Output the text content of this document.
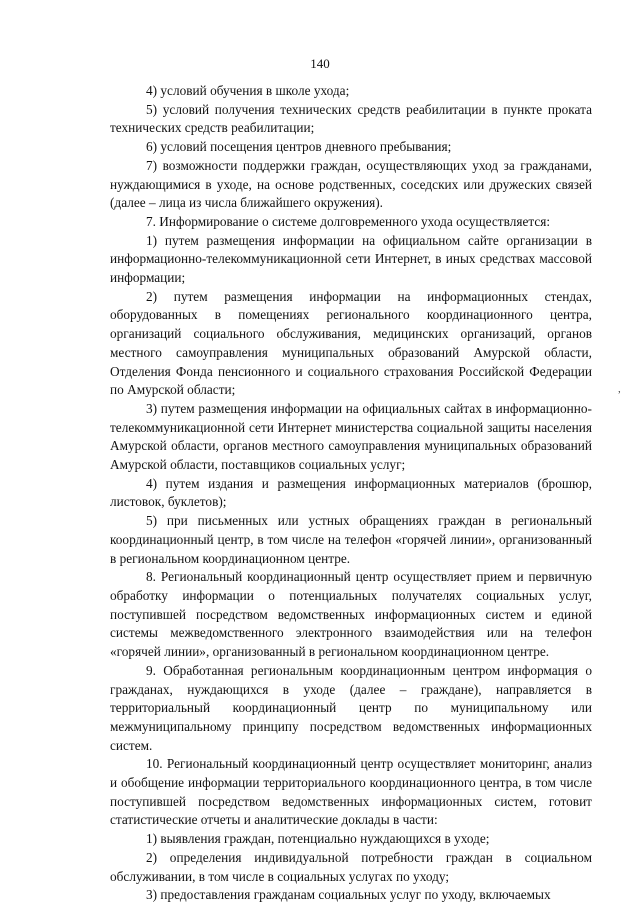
140
,

4) условий обучения в школе ухода;

5) условий получения технических средств реабилитации в пункте проката технических средств реабилитации;

6) условий посещения центров дневного пребывания;

7) возможности поддержки граждан, осуществляющих уход за гражданами, нуждающимися в уходе, на основе родственных, соседских или дружеских связей (далее – лица из числа ближайшего окружения).

7. Информирование о системе долговременного ухода осуществляется:

1) путем размещения информации на официальном сайте организации в информационно-телекоммуникационной сети Интернет, в иных средствах массовой информации;

2) путем размещения информации на информационных стендах, оборудованных в помещениях регионального координационного центра, организаций социального обслуживания, медицинских организаций, органов местного самоуправления муниципальных образований Амурской области, Отделения Фонда пенсионного и социального страхования Российской Федерации по Амурской области;

3) путем размещения информации на официальных сайтах в информационно-телекоммуникационной сети Интернет министерства социальной защиты населения Амурской области, органов местного самоуправления муниципальных образований Амурской области, поставщиков социальных услуг;

4) путем издания и размещения информационных материалов (брошюр, листовок, буклетов);

5) при письменных или устных обращениях граждан в региональный координационный центр, в том числе на телефон «горячей линии», организованный в региональном координационном центре.

8. Региональный координационный центр осуществляет прием и первичную обработку информации о потенциальных получателях социальных услуг, поступившей посредством ведомственных информационных систем и единой системы межведомственного электронного взаимодействия или на телефон «горячей линии», организованный в региональном координационном центре.

9. Обработанная региональным координационным центром информация о гражданах, нуждающихся в уходе (далее – граждане), направляется в территориальный координационный центр по муниципальному или межмуниципальному принципу посредством ведомственных информационных систем.

10. Региональный координационный центр осуществляет мониторинг, анализ и обобщение информации территориального координационного центра, в том числе поступившей посредством ведомственных информационных систем, готовит статистические отчеты и аналитические доклады в части:

1) выявления граждан, потенциально нуждающихся в уходе;

2) определения индивидуальной потребности граждан в социальном обслуживании, в том числе в социальных услугах по уходу;

3) предоставления гражданам социальных услуг по уходу, включаемых
